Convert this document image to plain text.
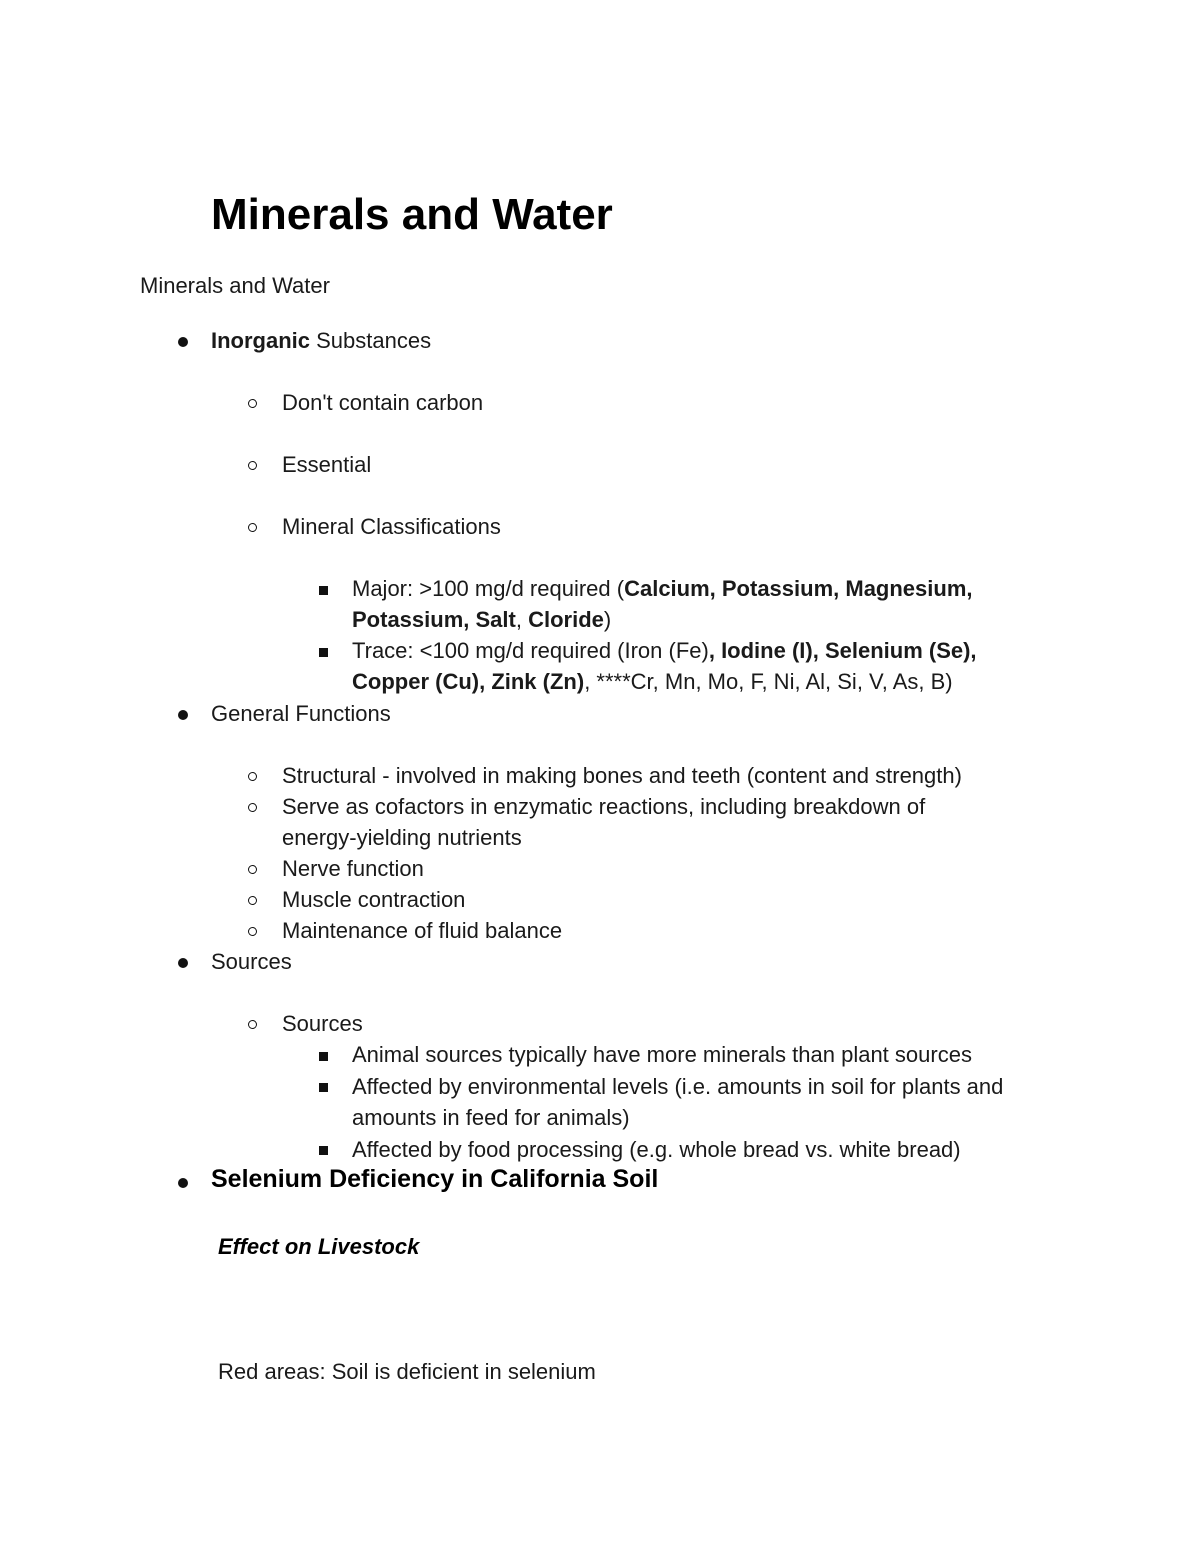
Minerals and Water
Minerals and Water
Inorganic Substances
Don't contain carbon
Essential
Mineral Classifications
Major: >100 mg/d required (Calcium, Potassium, Magnesium,
Potassium, Salt, Cloride)
Trace: <100 mg/d required (Iron (Fe), Iodine (I), Selenium (Se),
Copper (Cu), Zink (Zn), ****Cr, Mn, Mo, F, Ni, Al, Si, V, As, B)
General Functions
Structural - involved in making bones and teeth (content and strength)
Serve as cofactors in enzymatic reactions, including breakdown of
energy-yielding nutrients
Nerve function
Muscle contraction
Maintenance of fluid balance
Sources
Sources
Animal sources typically have more minerals than plant sources
Affected by environmental levels (i.e. amounts in soil for plants and
amounts in feed for animals)
Affected by food processing (e.g. whole bread vs. white bread)
Selenium Deficiency in California Soil
Effect on Livestock
Red areas: Soil is deficient in selenium
